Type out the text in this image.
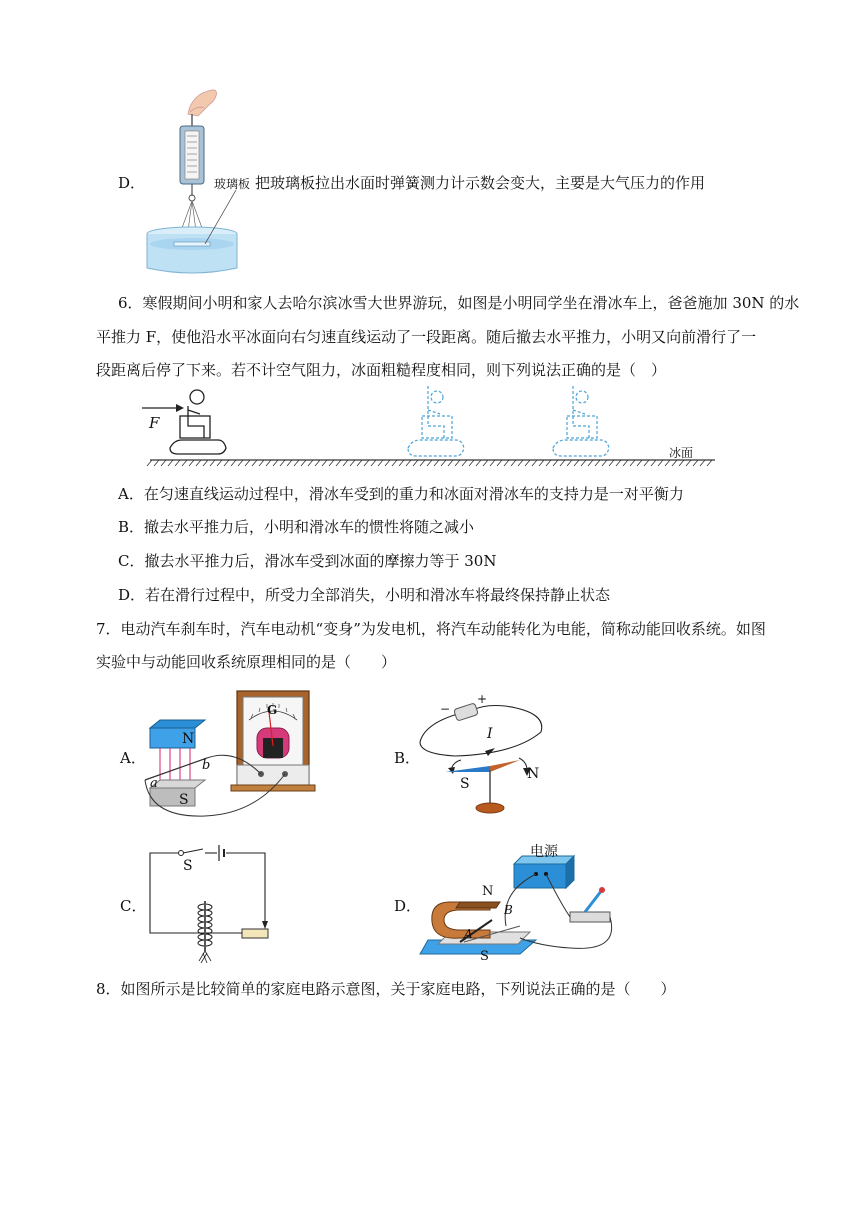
D．	玻璃板 把玻璃板拉出水面时弹簧测力计示数会变大，主要是大气压力的作用
6．寒假期间小明和家人去哈尔滨冰雪大世界游玩，如图是小明同学坐在滑冰车上，爸爸施加 30N 的水
平推力 F，使他沿水平冰面向右匀速直线运动了一段距离。随后撤去水平推力，小明又向前滑行了一
段距离后停了下来。若不计空气阻力，冰面粗糙程度相同，则下列说法正确的是（　）
F
冰面
A．在匀速直线运动过程中，滑冰车受到的重力和冰面对滑冰车的支持力是一对平衡力
B．撤去水平推力后，小明和滑冰车的惯性将随之减小
C．撤去水平推力后，滑冰车受到冰面的摩擦力等于 30N
D．若在滑行过程中，所受力全部消失，小明和滑冰车将最终保持静止状态
7．电动汽车刹车时，汽车电动机“变身”为发电机，将汽车动能转化为电能，简称动能回收系统。如图
实验中与动能回收系统原理相同的是（　　）
A．
N
S
a
b
G
B．
−
+
I
S
N
C．
S
D．
电源
N
S
B
A
8．如图所示是比较简单的家庭电路示意图，关于家庭电路，下列说法正确的是（　　）
